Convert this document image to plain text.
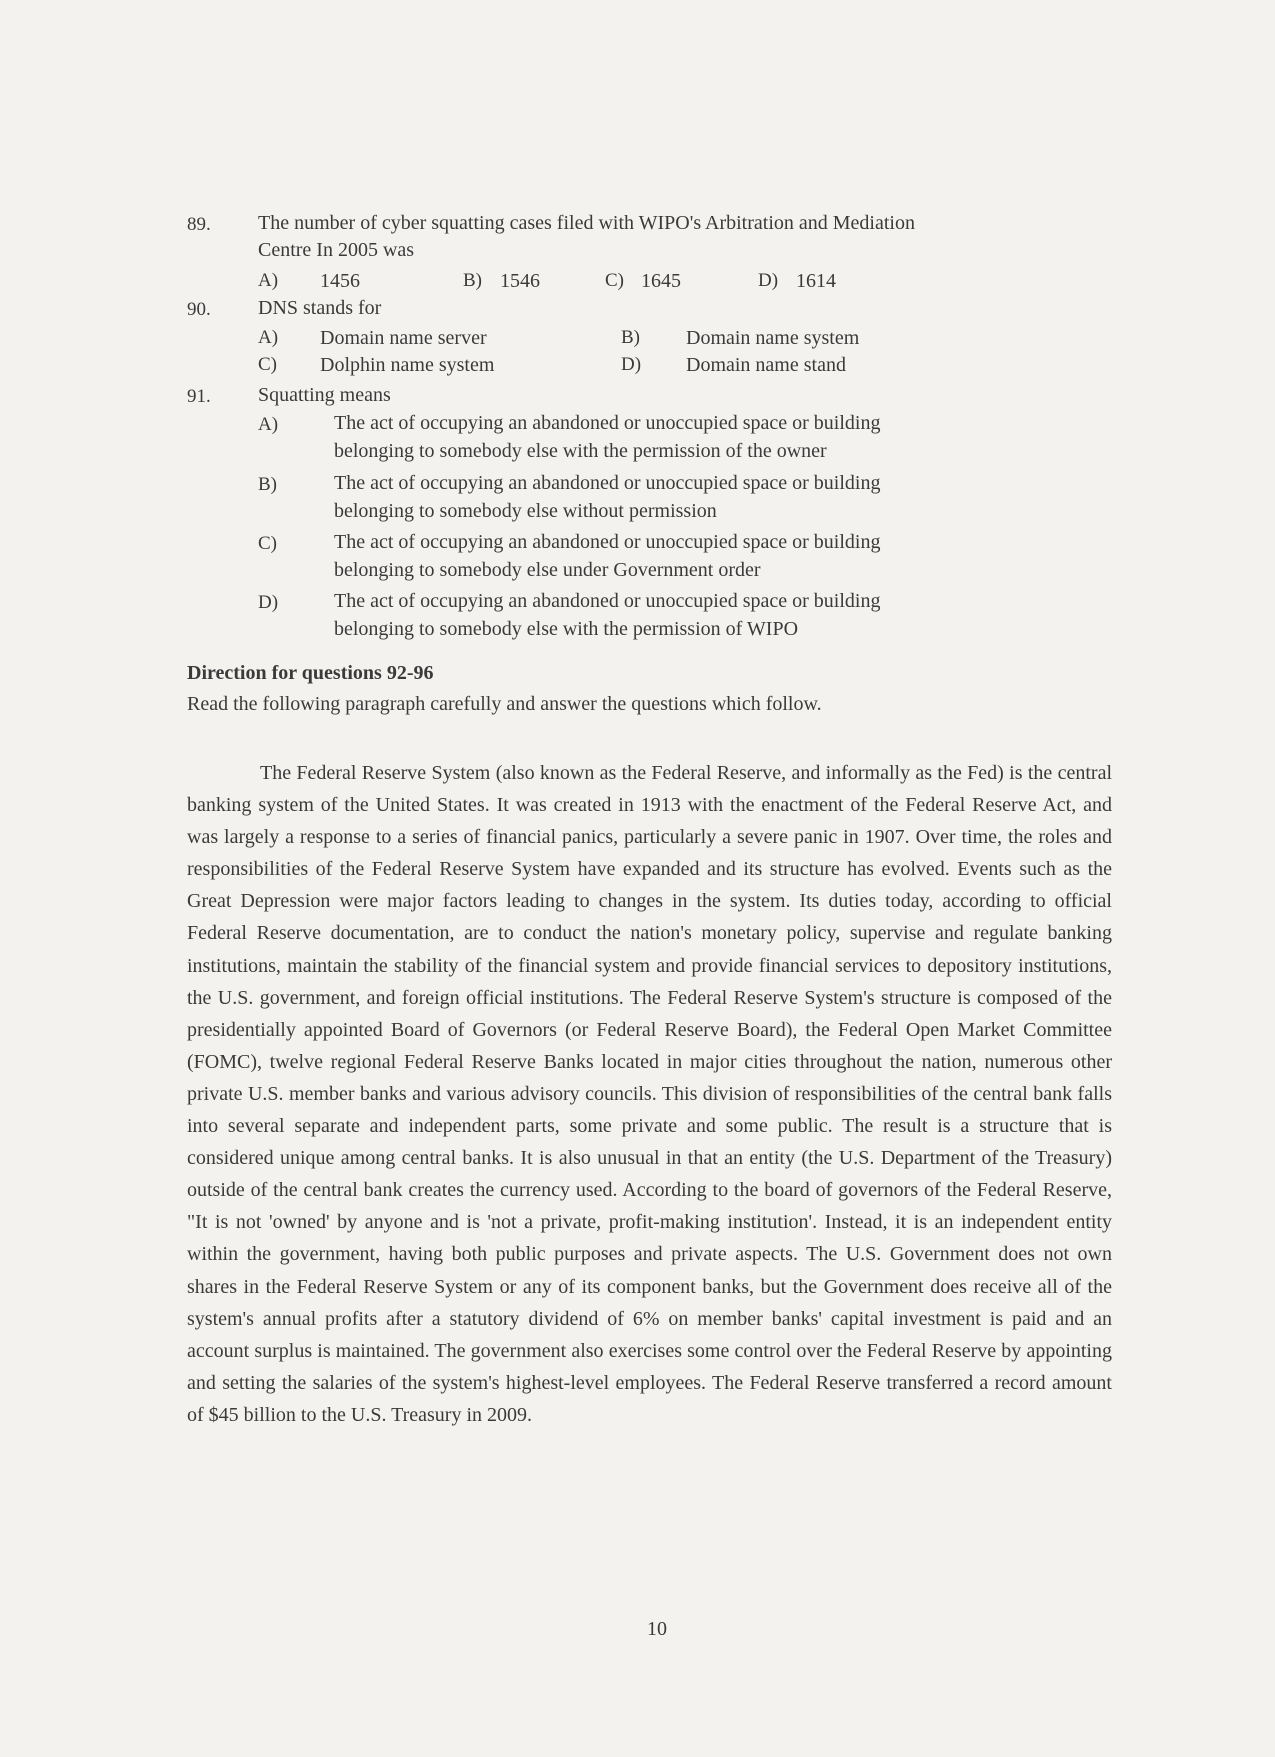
89. The number of cyber squatting cases filed with WIPO's Arbitration and Mediation
Centre In 2005 was
A) 1456	B) 1546	C) 1645	D) 1614
90. DNS stands for
A) Domain name server	B) Domain name system
C) Dolphin name system	D) Domain name stand
91. Squatting means
A)	The act of occupying an abandoned or unoccupied space or building
belonging to somebody else with the permission of the owner
B)	The act of occupying an abandoned or unoccupied space or building
belonging to somebody else without permission
C)	The act of occupying an abandoned or unoccupied space or building
belonging to somebody else under Government order
D)	The act of occupying an abandoned or unoccupied space or building
belonging to somebody else with the permission of WIPO
Direction for questions 92-96
Read the following paragraph carefully and answer the questions which follow.

The Federal Reserve System (also known as the Federal Reserve, and informally as the Fed) is the central banking system of the United States. It was created in 1913 with the enactment of the Federal Reserve Act, and was largely a response to a series of financial panics, particularly a severe panic in 1907. Over time, the roles and responsibilities of the Federal Reserve System have expanded and its structure has evolved. Events such as the Great Depression were major factors leading to changes in the system. Its duties today, according to official Federal Reserve documentation, are to conduct the nation's monetary policy, supervise and regulate banking institutions, maintain the stability of the financial system and provide financial services to depository institutions, the U.S. government, and foreign official institutions. The Federal Reserve System's structure is composed of the presidentially appointed Board of Governors (or Federal Reserve Board), the Federal Open Market Committee (FOMC), twelve regional Federal Reserve Banks located in major cities throughout the nation, numerous other private U.S. member banks and various advisory councils. This division of responsibilities of the central bank falls into several separate and independent parts, some private and some public. The result is a structure that is considered unique among central banks. It is also unusual in that an entity (the U.S. Department of the Treasury) outside of the central bank creates the currency used. According to the board of governors of the Federal Reserve, "It is not 'owned' by anyone and is 'not a private, profit-making institution'. Instead, it is an independent entity within the government, having both public purposes and private aspects. The U.S. Government does not own shares in the Federal Reserve System or any of its component banks, but the Government does receive all of the system's annual profits after a statutory dividend of 6% on member banks' capital investment is paid and an account surplus is maintained. The government also exercises some control over the Federal Reserve by appointing and setting the salaries of the system's highest-level employees. The Federal Reserve transferred a record amount of $45 billion to the U.S. Treasury in 2009.

10
